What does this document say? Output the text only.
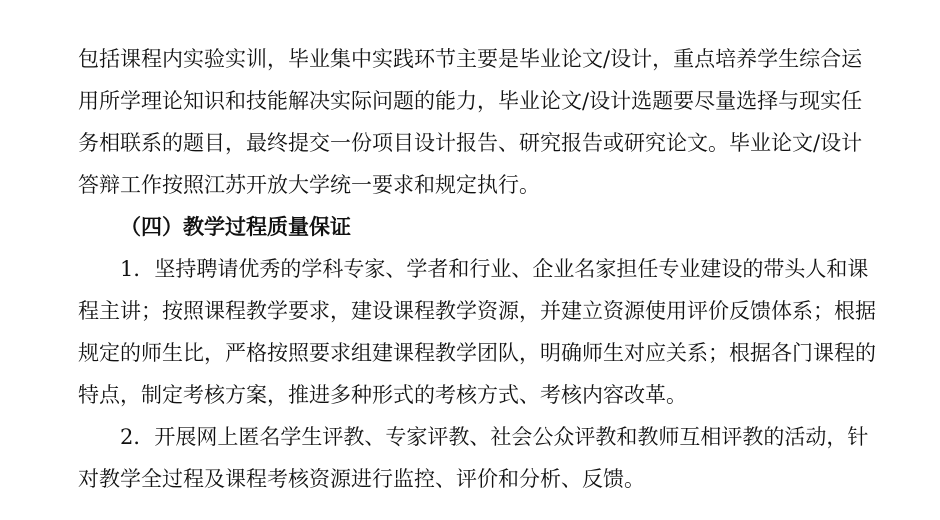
包括课程内实验实训，毕业集中实践环节主要是毕业论文/设计，重点培养学生综合运
用所学理论知识和技能解决实际问题的能力，毕业论文/设计选题要尽量选择与现实任
务相联系的题目，最终提交一份项目设计报告、研究报告或研究论文。毕业论文/设计
答辩工作按照江苏开放大学统一要求和规定执行。
（四）教学过程质量保证
1．坚持聘请优秀的学科专家、学者和行业、企业名家担任专业建设的带头人和课
程主讲；按照课程教学要求，建设课程教学资源，并建立资源使用评价反馈体系；根据
规定的师生比，严格按照要求组建课程教学团队，明确师生对应关系；根据各门课程的
特点，制定考核方案，推进多种形式的考核方式、考核内容改革。
2．开展网上匿名学生评教、专家评教、社会公众评教和教师互相评教的活动，针
对教学全过程及课程考核资源进行监控、评价和分析、反馈。
